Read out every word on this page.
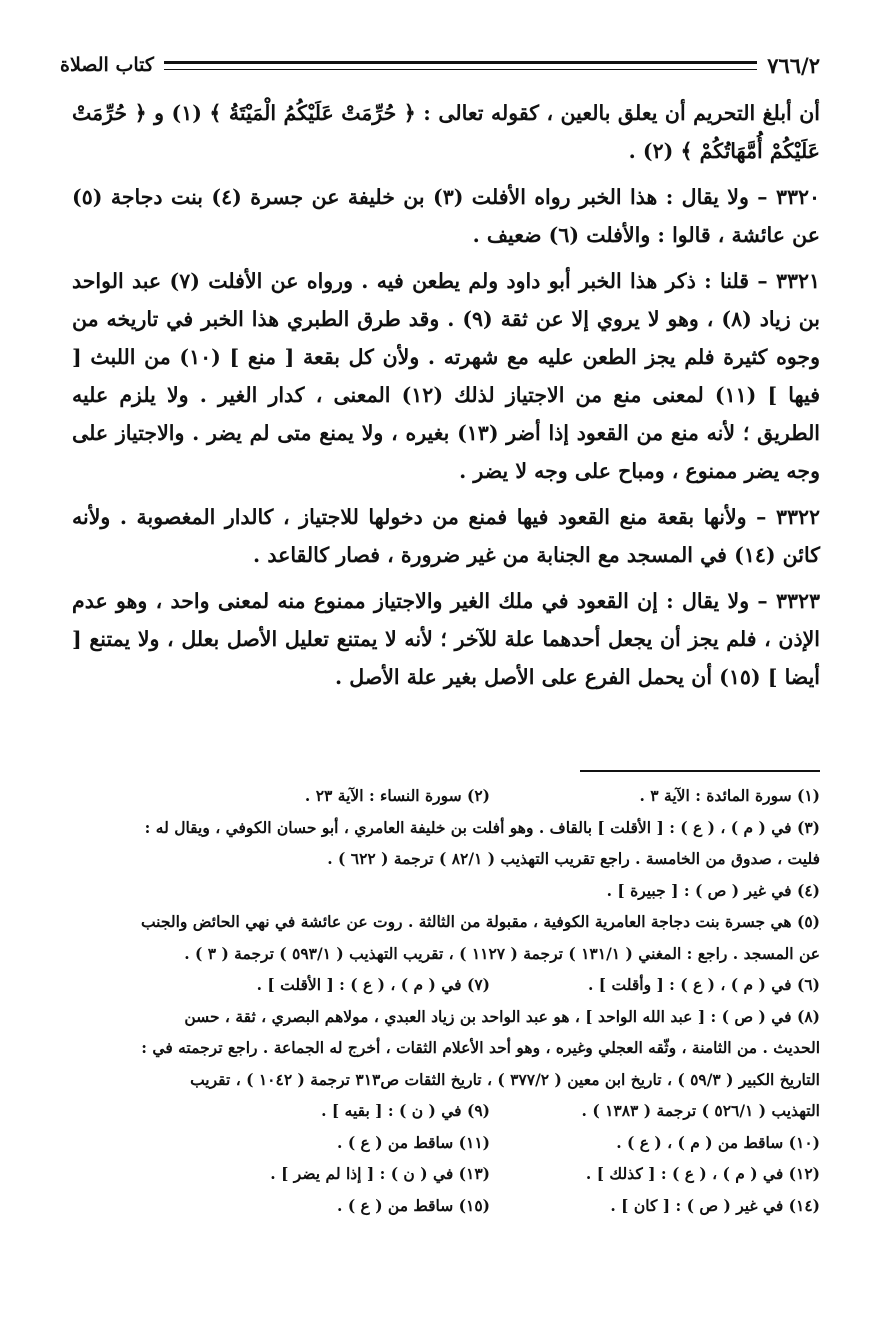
كتاب الصلاة	٧٦٦/٢

أن أبلغ التحريم أن يعلق بالعين ، كقوله تعالى : ﴿ حُرِّمَتْ عَلَيْكُمُ الْمَيْتَةُ ﴾ (١) و ﴿ حُرِّمَتْ عَلَيْكُمْ أُمَّهَاتُكُمْ ﴾ (٢) .

٣٣٢٠ – ولا يقال : هذا الخبر رواه الأفلت (٣) بن خليفة عن جسرة (٤) بنت دجاجة (٥) عن عائشة ، قالوا : والأفلت (٦) ضعيف .

٣٣٢١ – قلنا : ذكر هذا الخبر أبو داود ولم يطعن فيه . ورواه عن الأفلت (٧) عبد الواحد بن زياد (٨) ، وهو لا يروي إلا عن ثقة (٩) . وقد طرق الطبري هذا الخبر في تاريخه من وجوه كثيرة فلم يجز الطعن عليه مع شهرته . ولأن كل بقعة [ منع ] (١٠) من اللبث [ فيها ] (١١) لمعنى منع من الاجتياز لذلك (١٢) المعنى ، كدار الغير . ولا يلزم عليه الطريق ؛ لأنه منع من القعود إذا أضر (١٣) بغيره ، ولا يمنع متى لم يضر . والاجتياز على وجه يضر ممنوع ، ومباح على وجه لا يضر .

٣٣٢٢ – ولأنها بقعة منع القعود فيها فمنع من دخولها للاجتياز ، كالدار المغصوبة . ولأنه كائن (١٤) في المسجد مع الجنابة من غير ضرورة ، فصار كالقاعد .

٣٣٢٣ – ولا يقال : إن القعود في ملك الغير والاجتياز ممنوع منه لمعنى واحد ، وهو عدم الإذن ، فلم يجز أن يجعل أحدهما علة للآخر ؛ لأنه لا يمتنع تعليل الأصل بعلل ، ولا يمتنع [ أيضا ] (١٥) أن يحمل الفرع على الأصل بغير علة الأصل .

(١) سورة المائدة : الآية ٣ .
(٢) سورة النساء : الآية ٢٣ .
(٣) في ( م ) ، ( ع ) : [ الأقلت ] بالقاف . وهو أفلت بن خليفة العامري ، أبو حسان الكوفي ، ويقال له :
فليت ، صدوق من الخامسة . راجع تقريب التهذيب ( ٨٢/١ ) ترجمة ( ٦٢٢ ) .
(٤) في غير ( ص ) : [ جبيرة ] .
(٥) هي جسرة بنت دجاجة العامرية الكوفية ، مقبولة من الثالثة . روت عن عائشة في نهي الحائض والجنب
عن المسجد . راجع : المغني ( ١٣١/١ ) ترجمة ( ١١٢٧ ) ، تقريب التهذيب ( ٥٩٣/١ ) ترجمة ( ٣ ) .
(٦) في ( م ) ، ( ع ) : [ وأقلت ] .
(٧) في ( م ) ، ( ع ) : [ الأقلت ] .
(٨) في ( ص ) : [ عبد الله الواحد ] ، هو عبد الواحد بن زياد العبدي ، مولاهم البصري ، ثقة ، حسن
الحديث . من الثامنة ، وثّقه العجلي وغيره ، وهو أحد الأعلام الثقات ، أخرج له الجماعة . راجع ترجمته في :
التاريخ الكبير ( ٥٩/٣ ) ، تاريخ ابن معين ( ٣٧٧/٢ ) ، تاريخ الثقات ص٣١٣ ترجمة ( ١٠٤٢ ) ، تقريب
التهذيب ( ٥٢٦/١ ) ترجمة ( ١٣٨٣ ) .
(٩) في ( ن ) : [ بقيه ] .
(١٠) ساقط من ( م ) ، ( ع ) .
(١١) ساقط من ( ع ) .
(١٢) في ( م ) ، ( ع ) : [ كذلك ] .
(١٣) في ( ن ) : [ إذا لم يضر ] .
(١٤) في غير ( ص ) : [ كان ] .
(١٥) ساقط من ( ع ) .
